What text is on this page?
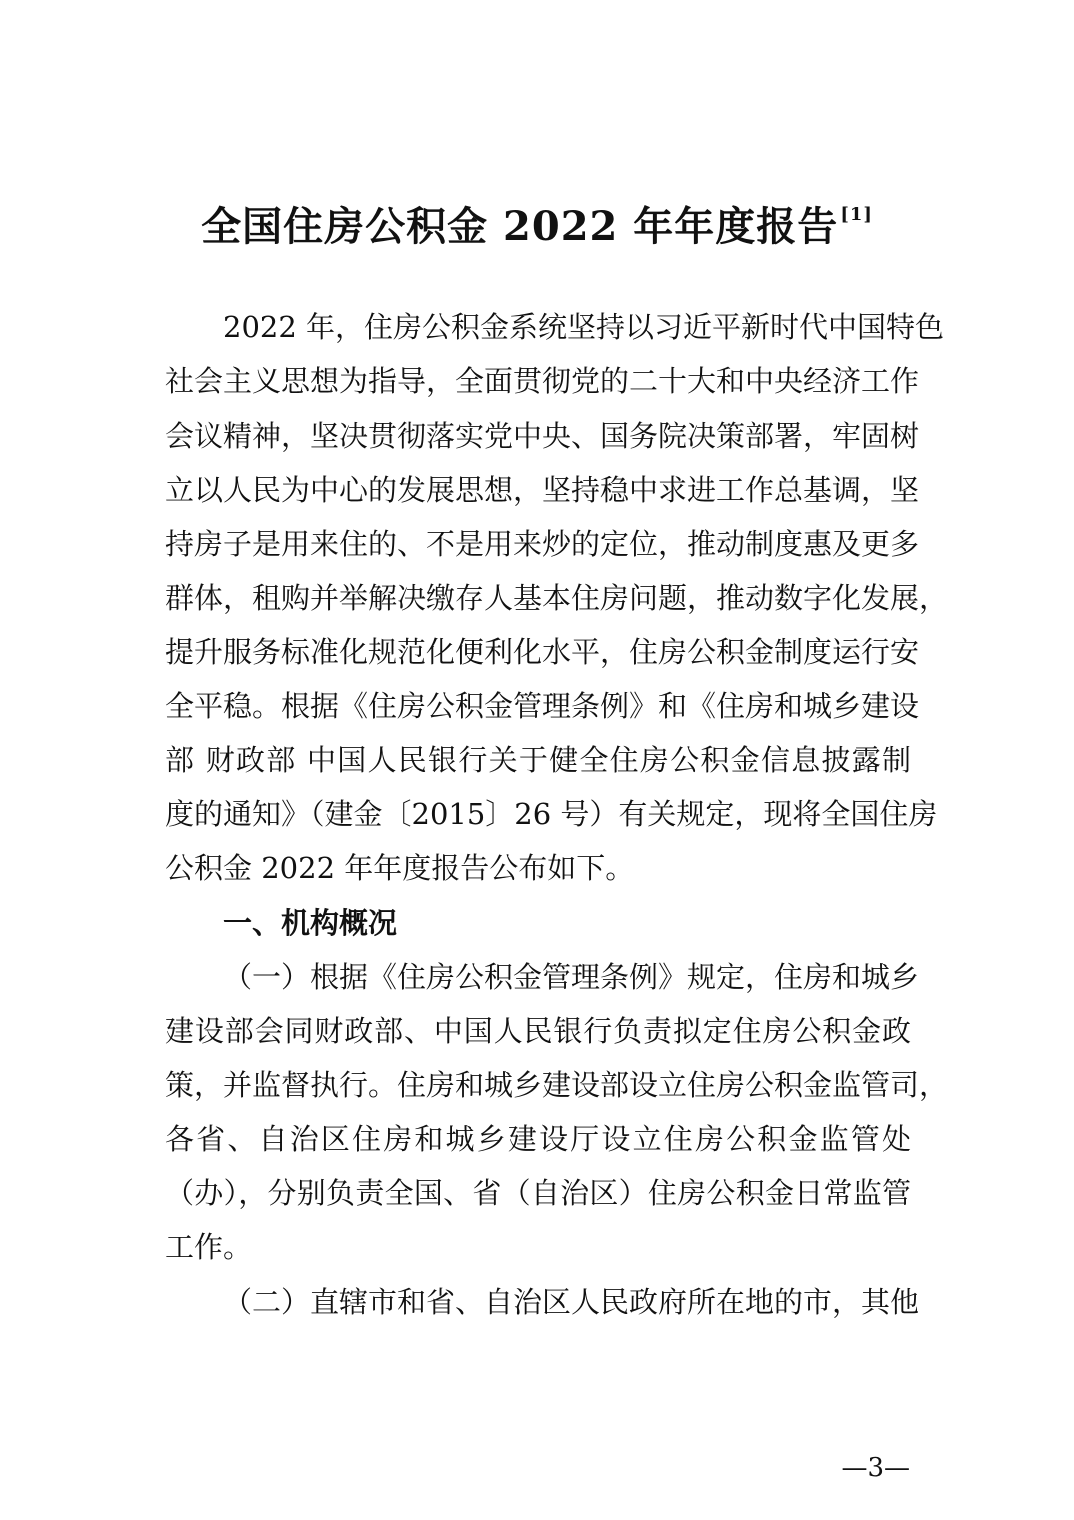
全国住房公积金 2022 年年度报告 [1]
2022 年，住房公积金系统坚持以习近平新时代中国特色
社会主义思想为指导，全面贯彻党的二十大和中央经济工作
会议精神，坚决贯彻落实党中央、国务院决策部署，牢固树
立以人民为中心的发展思想，坚持稳中求进工作总基调，坚
持房子是用来住的、不是用来炒的定位，推动制度惠及更多
群体，租购并举解决缴存人基本住房问题，推动数字化发展，
提升服务标准化规范化便利化水平，住房公积金制度运行安
全平稳。根据《住房公积金管理条例》和《住房和城乡建设
部 财政部 中国人民银行关于健全住房公积金信息披露制
度的通知》（建金〔2015〕26 号）有关规定，现将全国住房
公积金 2022 年年度报告公布如下。
一、机构概况
（一）根据《住房公积金管理条例》规定，住房和城乡
建设部会同财政部、中国人民银行负责拟定住房公积金政
策，并监督执行。住房和城乡建设部设立住房公积金监管司，
各省、自治区住房和城乡建设厅设立住房公积金监管处
（办），分别负责全国、省（自治区）住房公积金日常监管
工作。
（二）直辖市和省、自治区人民政府所在地的市，其他
—3—
